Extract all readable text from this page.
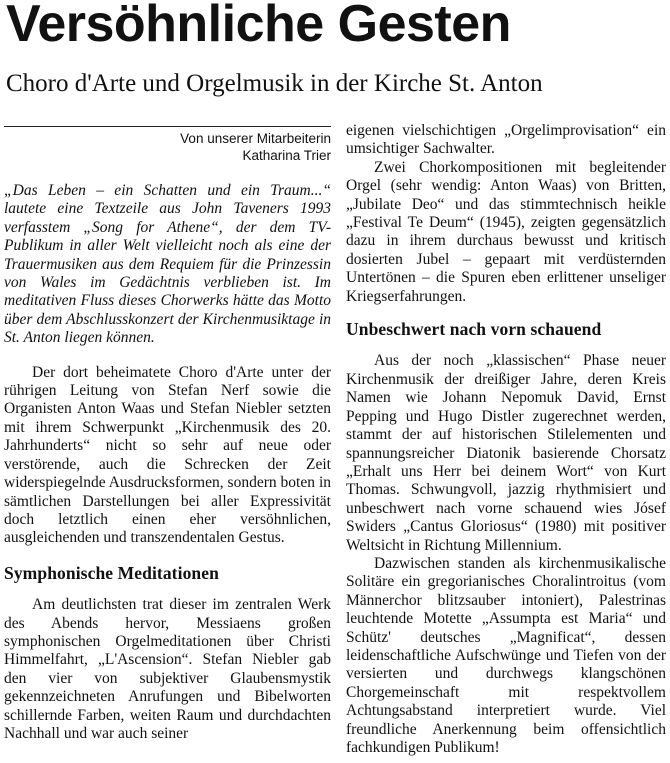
Versöhnliche Gesten
Choro d'Arte und Orgelmusik in der Kirche St. Anton
Von unserer Mitarbeiterin
Katharina Trier

„Das Leben – ein Schatten und ein Traum...“ lautete eine Textzeile aus John Taveners 1993 verfasstem „Song for Athene“, der dem TV-Publikum in aller Welt vielleicht noch als eine der Trauermusiken aus dem Requiem für die Prinzessin von Wales im Gedächtnis verblieben ist. Im meditativen Fluss dieses Chorwerks hätte das Motto über dem Abschlusskonzert der Kirchenmusiktage in St. Anton liegen können.

Der dort beheimatete Choro d'Arte unter der rührigen Leitung von Stefan Nerf sowie die Organisten Anton Waas und Stefan Niebler setzten mit ihrem Schwerpunkt „Kirchenmusik des 20. Jahrhunderts“ nicht so sehr auf neue oder verstörende, auch die Schrecken der Zeit widerspiegelnde Ausdrucksformen, sondern boten in sämtlichen Darstellungen bei aller Expressivität doch letztlich einen eher versöhnlichen, ausgleichenden und transzendentalen Gestus.

Symphonische Meditationen

Am deutlichsten trat dieser im zentralen Werk des Abends hervor, Messiaens großen symphonischen Orgelmeditationen über Christi Himmelfahrt, „L'Ascension“. Stefan Niebler gab den vier von subjektiver Glaubensmystik gekennzeichneten Anrufungen und Bibelworten schillernde Farben, weiten Raum und durchdachten Nachhall und war auch seiner

eigenen vielschichtigen „Orgelimprovisation“ ein umsichtiger Sachwalter.

Zwei Chorkompositionen mit begleitender Orgel (sehr wendig: Anton Waas) von Britten, „Jubilate Deo“ und das stimmtechnisch heikle „Festival Te Deum“ (1945), zeigten gegensätzlich dazu in ihrem durchaus bewusst und kritisch dosierten Jubel – gepaart mit verdüsternden Untertönen – die Spuren eben erlittener unseliger Kriegserfahrungen.

Unbeschwert nach vorn schauend

Aus der noch „klassischen“ Phase neuer Kirchenmusik der dreißiger Jahre, deren Kreis Namen wie Johann Nepomuk David, Ernst Pepping und Hugo Distler zugerechnet werden, stammt der auf historischen Stilelementen und spannungsreicher Diatonik basierende Chorsatz „Erhalt uns Herr bei deinem Wort“ von Kurt Thomas. Schwungvoll, jazzig rhythmisiert und unbeschwert nach vorne schauend wies Jósef Swiders „Cantus Gloriosus“ (1980) mit positiver Weltsicht in Richtung Millennium.

Dazwischen standen als kirchenmusikalische Solitäre ein gregorianisches Choralintroitus (vom Männerchor blitzsauber intoniert), Palestrinas leuchtende Motette „Assumpta est Maria“ und Schütz' deutsches „Magnificat“, dessen leidenschaftliche Aufschwünge und Tiefen von der versierten und durchwegs klangschönen Chorgemeinschaft mit respektvollem Achtungsabstand interpretiert wurde. Viel freundliche Anerkennung beim offensichtlich fachkundigen Publikum!
